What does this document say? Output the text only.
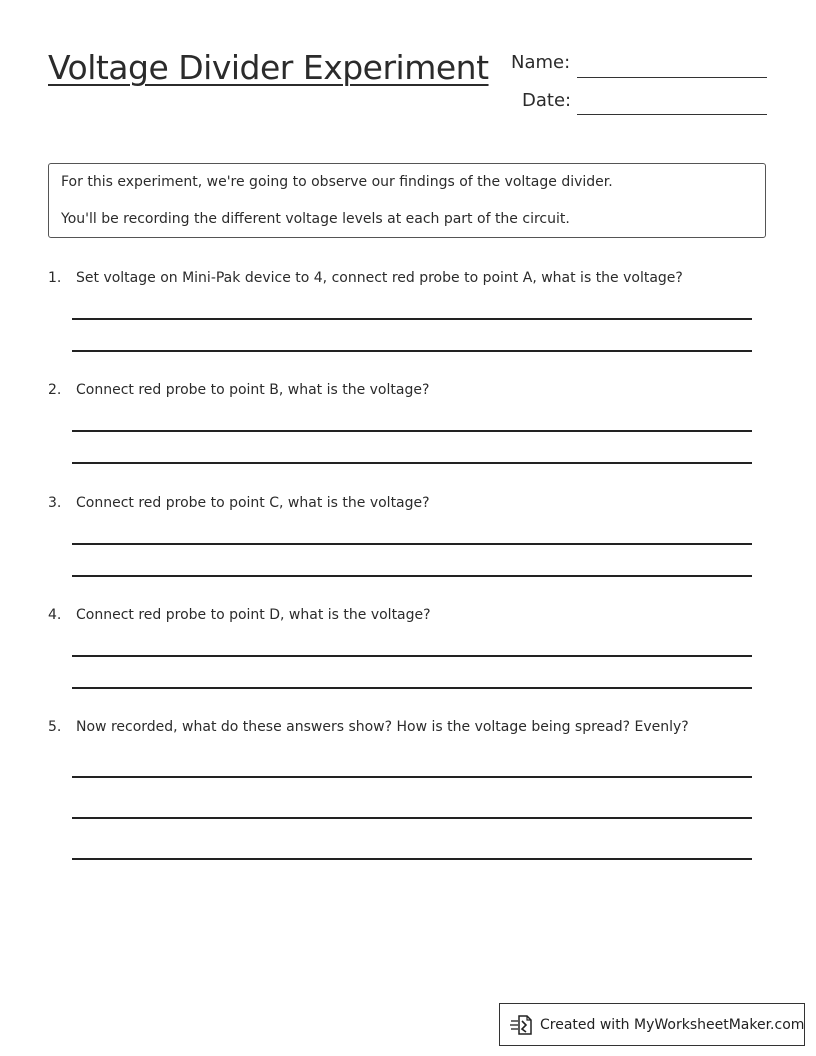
Voltage Divider Experiment Name:
Date:
For this experiment, we're going to observe our findings of the voltage divider.
You'll be recording the different voltage levels at each part of the circuit.
1. Set voltage on Mini-Pak device to 4, connect red probe to point A, what is the voltage?
2. Connect red probe to point B, what is the voltage?
3. Connect red probe to point C, what is the voltage?
4. Connect red probe to point D, what is the voltage?
5. Now recorded, what do these answers show? How is the voltage being spread? Evenly?
Created with MyWorksheetMaker.com
